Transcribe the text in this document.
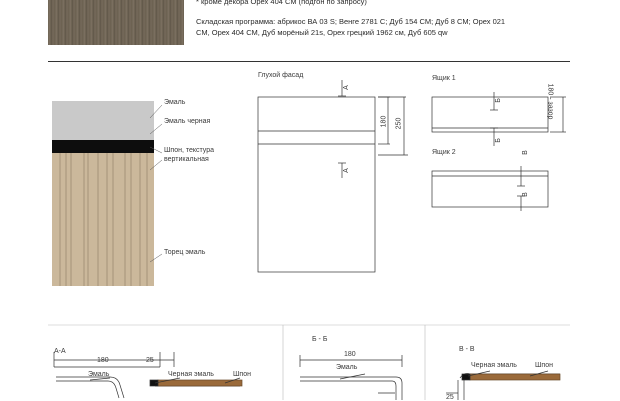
* кроме декора Орех 404 СМ (подгон по запросу)
Складская программа: абрикос ВА 03 S; Венге 2781 С; Дуб 154 СМ; Дуб 8 СМ; Орех 021
СМ, Орех 404 СМ, Дуб морёный 21s, Орех грецкий 1962 см, Дуб 605 qw
Эмаль
Эмаль черная
Шпон, текстура
вертикальная
Торец эмаль
Глухой фасад
А
А
180 250
Ящик 1
Б
Б
180 - зазор
Ящик 2	В
В
А-А
180	25
Эмаль	Черная эмаль	Шпон
Б - Б
180
Эмаль
В - В
Черная эмаль	Шпон
25
